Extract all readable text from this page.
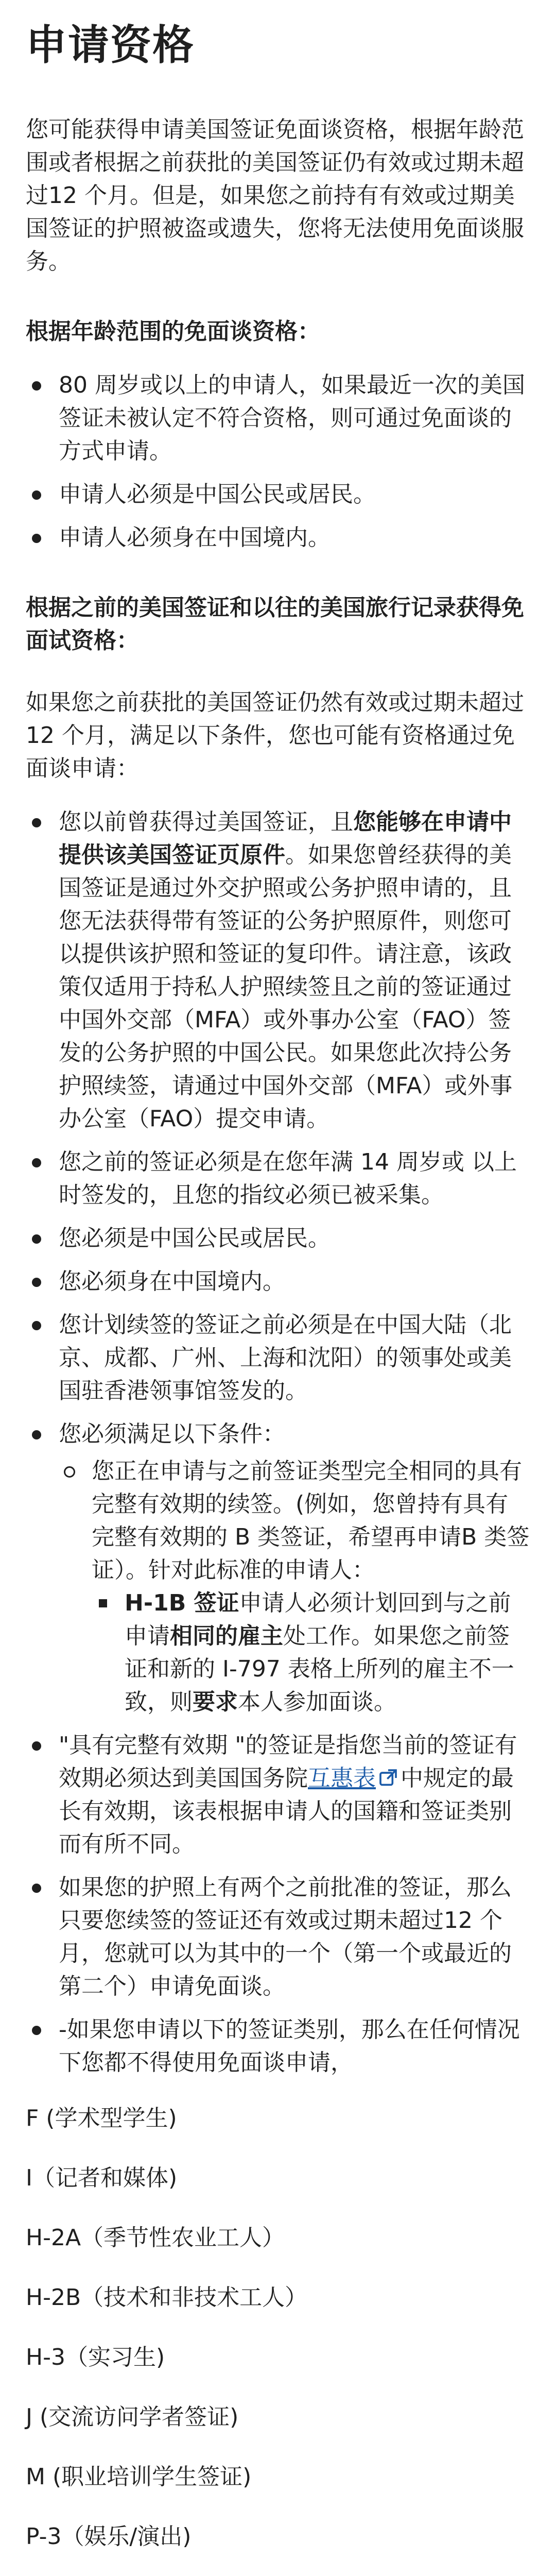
申请资格

您可能获得申请美国签证免面谈资格，根据年龄范围或者根据之前获批的美国签证仍有效或过期未超过12 个月。但是，如果您之前持有有效或过期美国签证的护照被盗或遗失，您将无法使用免面谈服务。

根据年龄范围的免面谈资格：
80 周岁或以上的申请人，如果最近一次的美国签证未被认定不符合资格，则可通过免面谈的方式申请。
申请人必须是中国公民或居民。
申请人必须身在中国境内。
根据之前的美国签证和以往的美国旅行记录获得免面试资格：

如果您之前获批的美国签证仍然有效或过期未超过 12 个月，满足以下条件，您也可能有资格通过免面谈申请：

您以前曾获得过美国签证，且您能够在申请中提供该美国签证页原件。如果您曾经获得的美国签证是通过外交护照或公务护照申请的，且您无法获得带有签证的公务护照原件，则您可以提供该护照和签证的复印件。请注意，该政策仅适用于持私人护照续签且之前的签证通过中国外交部（MFA）或外事办公室（FAO）签发的公务护照的中国公民。如果您此次持公务护照续签，请通过中国外交部（MFA）或外事办公室（FAO）提交申请。
您之前的签证必须是在您年满 14 周岁或 以上时签发的，且您的指纹必须已被采集。
您必须是中国公民或居民。
您必须身在中国境内。
您计划续签的签证之前必须是在中国大陆（北京、成都、广州、上海和沈阳）的领事处或美国驻香港领事馆签发的。
您必须满足以下条件：
您正在申请与之前签证类型完全相同的具有完整有效期的续签。(例如，您曾持有具有完整有效期的 B 类签证，希望再申请B 类签证）。针对此标准的申请人：
H-1B 签证申请人必须计划回到与之前申请相同的雇主处工作。如果您之前签证和新的 I-797 表格上所列的雇主不一致，则要求本人参加面谈。
"具有完整有效期 "的签证是指您当前的签证有效期必须达到美国国务院互惠表 中规定的最长有效期，该表根据申请人的国籍和签证类别而有所不同。
如果您的护照上有两个之前批准的签证，那么只要您续签的签证还有效或过期未超过12 个月，您就可以为其中的一个（第一个或最近的第二个）申请免面谈。
-如果您申请以下的签证类别，那么在任何情况下您都不得使用免面谈申请，

F (学术型学生)

I（记者和媒体)

H-2A（季节性农业工人）

H-2B（技术和非技术工人）

H-3（实习生)

J (交流访问学者签证)

M (职业培训学生签证)

P-3（娱乐/演出)
